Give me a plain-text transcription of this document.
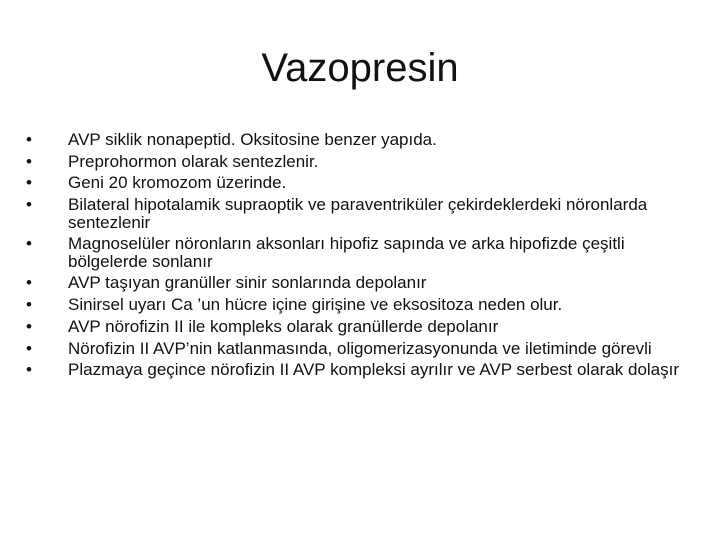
Vazopresin
•	AVP siklik nonapeptid. Oksitosine benzer yapıda.
•	Preprohormon olarak sentezlenir.
•	Geni 20 kromozom üzerinde.
•	Bilateral hipotalamik supraoptik ve paraventriküler çekirdeklerdeki nöronlarda sentezlenir
•	Magnoselüler nöronların aksonları hipofiz sapında ve arka hipofizde çeşitli bölgelerde sonlanır
•	AVP taşıyan granüller sinir sonlarında depolanır
•	Sinirsel uyarı Ca ’un hücre içine girişine ve eksositoza neden olur.
•	AVP nörofizin II ile kompleks olarak granüllerde depolanır
•	Nörofizin II AVP’nin katlanmasında, oligomerizasyonunda ve iletiminde görevli
•	Plazmaya geçince nörofizin II AVP kompleksi ayrılır ve AVP serbest olarak dolaşır
